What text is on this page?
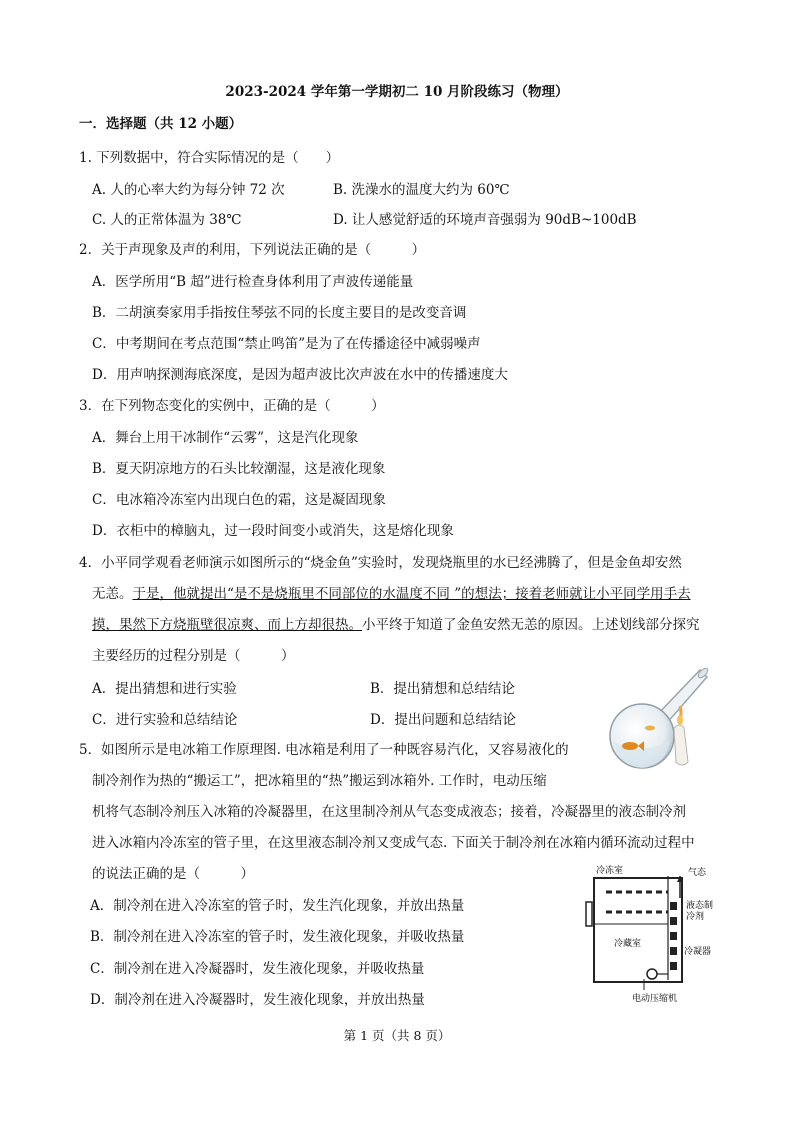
2023-2024 学年第一学期初二 10 月阶段练习（物理）
一．选择题（共 12 小题）
1. 下列数据中，符合实际情况的是（　　）
A. 人的心率大约为每分钟 72 次	B. 洗澡水的温度大约为 60℃
C. 人的正常体温为 38℃	D. 让人感觉舒适的环境声音强弱为 90dB~100dB
2．关于声现象及声的利用，下列说法正确的是（　　　）
A．医学所用“B 超”进行检查身体利用了声波传递能量
B．二胡演奏家用手指按住琴弦不同的长度主要目的是改变音调
C．中考期间在考点范围“禁止鸣笛”是为了在传播途径中减弱噪声
D．用声呐探测海底深度，是因为超声波比次声波在水中的传播速度大
3．在下列物态变化的实例中，正确的是（　　　）
A．舞台上用干冰制作“云雾”，这是汽化现象
B．夏天阴凉地方的石头比较潮湿，这是液化现象
C．电冰箱冷冻室内出现白色的霜，这是凝固现象
D．衣柜中的樟脑丸，过一段时间变小或消失，这是熔化现象
4．小平同学观看老师演示如图所示的“烧金鱼”实验时，发现烧瓶里的水已经沸腾了，但是金鱼却安然
无恙。于是，他就提出“是不是烧瓶里不同部位的水温度不同 ”的想法；接着老师就让小平同学用手去
摸，果然下方烧瓶壁很凉爽、而上方却很热。小平终于知道了金鱼安然无恙的原因。上述划线部分探究
主要经历的过程分别是（　　　）
A．提出猜想和进行实验	B．提出猜想和总结结论
C．进行实验和总结结论	D．提出问题和总结结论
5．如图所示是电冰箱工作原理图. 电冰箱是利用了一种既容易汽化，又容易液化的
制冷剂作为热的“搬运工”，把冰箱里的“热”搬运到冰箱外. 工作时，电动压缩
机将气态制冷剂压入冰箱的冷凝器里，在这里制冷剂从气态变成液态；接着，冷凝器里的液态制冷剂
进入冰箱内冷冻室的管子里，在这里液态制冷剂又变成气态. 下面关于制冷剂在冰箱内循环流动过程中
的说法正确的是（　　　）
A．制冷剂在进入冷冻室的管子时，发生汽化现象，并放出热量
B．制冷剂在进入冷冻室的管子时，发生液化现象，并吸收热量
C．制冷剂在进入冷凝器时，发生液化现象，并吸收热量
D．制冷剂在进入冷凝器时，发生液化现象，并放出热量
冷冻室	气态
液态制
冷剂
冷藏室
冷凝器
电动压缩机
第 1 页（共 8 页）
